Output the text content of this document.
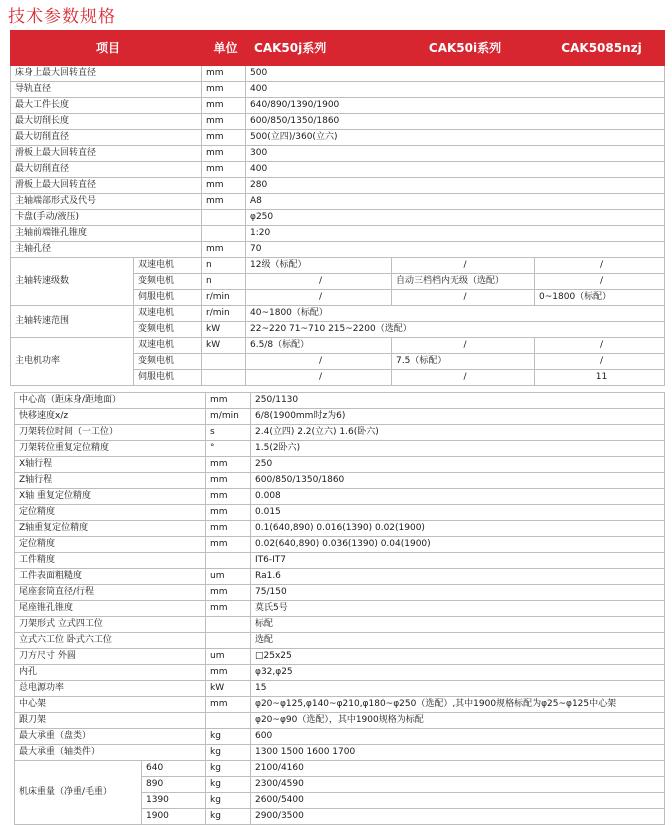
技术参数规格
项目		单位	CAK50j系列	CAK50i系列	CAK5085nzj
床身上最大回转直径		mm	500		
导轨直径		mm	400		
最大工件长度		mm	640/890/1390/1900		
最大切削长度		mm	600/850/1350/1860		
最大切削直径		mm	500(立四)/360(立六)		
滑板上最大回转直径		mm	300		
最大切削直径		mm	400		
滑板上最大回转直径		mm	280		
主轴端部形式及代号		mm	A8		
卡盘(手动/液压)			φ250		
主轴前端锥孔锥度			1:20		
主轴孔径		mm	70		
主轴转速级数	双速电机	n	12级（标配）	/	/
	变频电机	n	/	自动三档档内无级（选配）	/
	伺服电机	r/min	/	/	0~1800（标配）
主轴转速范围	双速电机	r/min	40~1800（标配）		
	变频电机	kW	22~220 71~710 215~2200（选配）		
主电机功率	双速电机	kW	6.5/8（标配）	/	/
	变频电机		/	7.5（标配）	/
	伺服电机		/	/	11
中心高（距床身/距地面）		mm	250/1130
快移速度x/z		m/min	6/8(1900mm时z为6)
刀架转位时间（一工位）		s	2.4(立四) 2.2(立六) 1.6(卧六)
刀架转位重复定位精度		°	1.5(2卧六)
X轴行程		mm	250
Z轴行程		mm	600/850/1350/1860
X轴 重复定位精度		mm	0.008
定位精度		mm	0.015
Z轴重复定位精度		mm	0.1(640,890) 0.016(1390) 0.02(1900)
定位精度		mm	0.02(640,890) 0.036(1390) 0.04(1900)
工件精度			IT6-IT7
工件表面粗糙度		um	Ra1.6
尾座套筒直径/行程		mm	75/150
尾座锥孔锥度		mm	莫氏5号
刀架形式 立式四工位			标配
立式六工位 卧式六工位			选配
刀方尺寸 外圆		um	□25x25
内孔		mm	φ32,φ25
总电源功率		kW	15
中心架		mm	φ20~φ125,φ140~φ210,φ180~φ250（选配）,其中1900规格标配为φ25~φ125中心架
跟刀架			φ20~φ90（选配），其中1900规格为标配
最大承重（盘类）		kg	600
最大承重（轴类件）		kg	1300 1500 1600 1700
机床重量（净重/毛重）	640	kg	2100/4160
	890	kg	2300/4590
	1390	kg	2600/5400
	1900	kg	2900/3500
